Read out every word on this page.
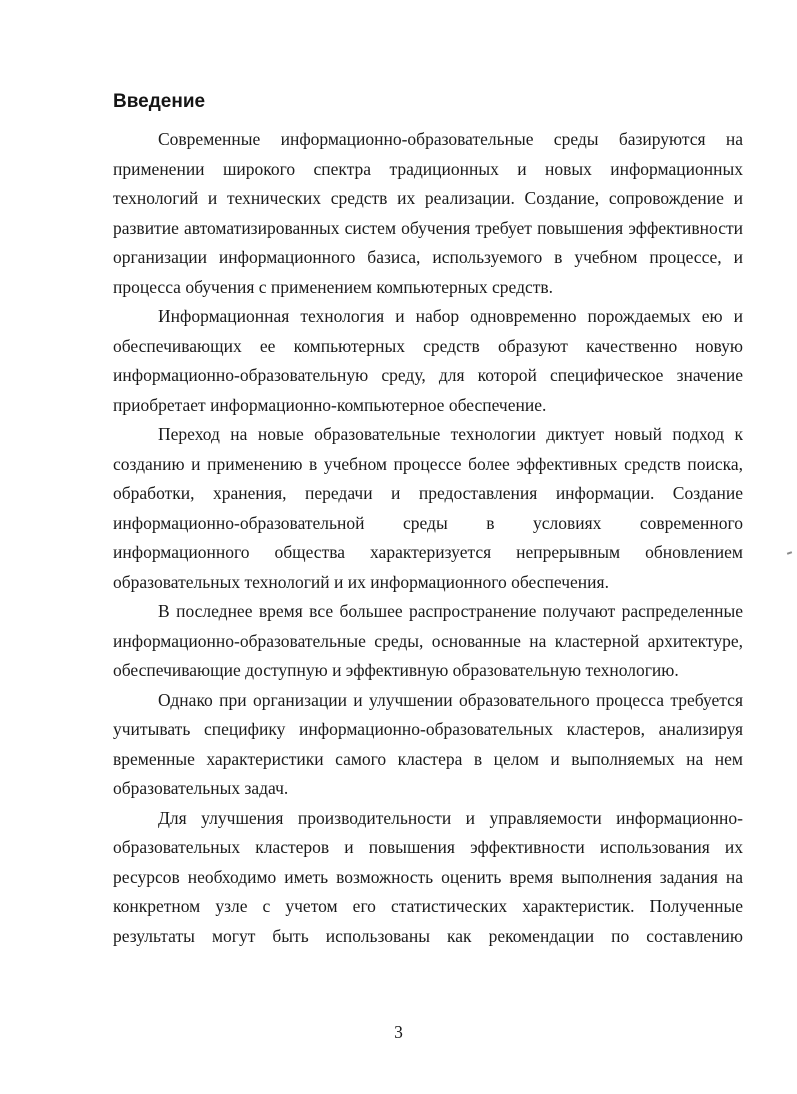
Введение

Современные информационно-образовательные среды базируются на применении широкого спектра традиционных и новых информационных технологий и технических средств их реализации. Создание, сопровождение и развитие автоматизированных систем обучения требует повышения эффективности организации информационного базиса, используемого в учебном процессе, и процесса обучения с применением компьютерных средств.

Информационная технология и набор одновременно порождаемых ею и обеспечивающих ее компьютерных средств образуют качественно новую информационно-образовательную среду, для которой специфическое значение приобретает информационно-компьютерное обеспечение.

Переход на новые образовательные технологии диктует новый подход к созданию и применению в учебном процессе более эффективных средств поиска, обработки, хранения, передачи и предоставления информации. Создание информационно-образовательной среды в условиях современного информационного общества характеризуется непрерывным обновлением образовательных технологий и их информационного обеспечения.

В последнее время все большее распространение получают распределенные информационно-образовательные среды, основанные на кластерной архитектуре, обеспечивающие доступную и эффективную образовательную технологию.

Однако при организации и улучшении образовательного процесса требуется учитывать специфику информационно-образовательных кластеров, анализируя временные характеристики самого кластера в целом и выполняемых на нем образовательных задач.

Для улучшения производительности и управляемости информационно-образовательных кластеров и повышения эффективности использования их ресурсов необходимо иметь возможность оценить время выполнения задания на конкретном узле с учетом его статистических характеристик. Полученные результаты могут быть использованы как рекомендации по составлению

3
